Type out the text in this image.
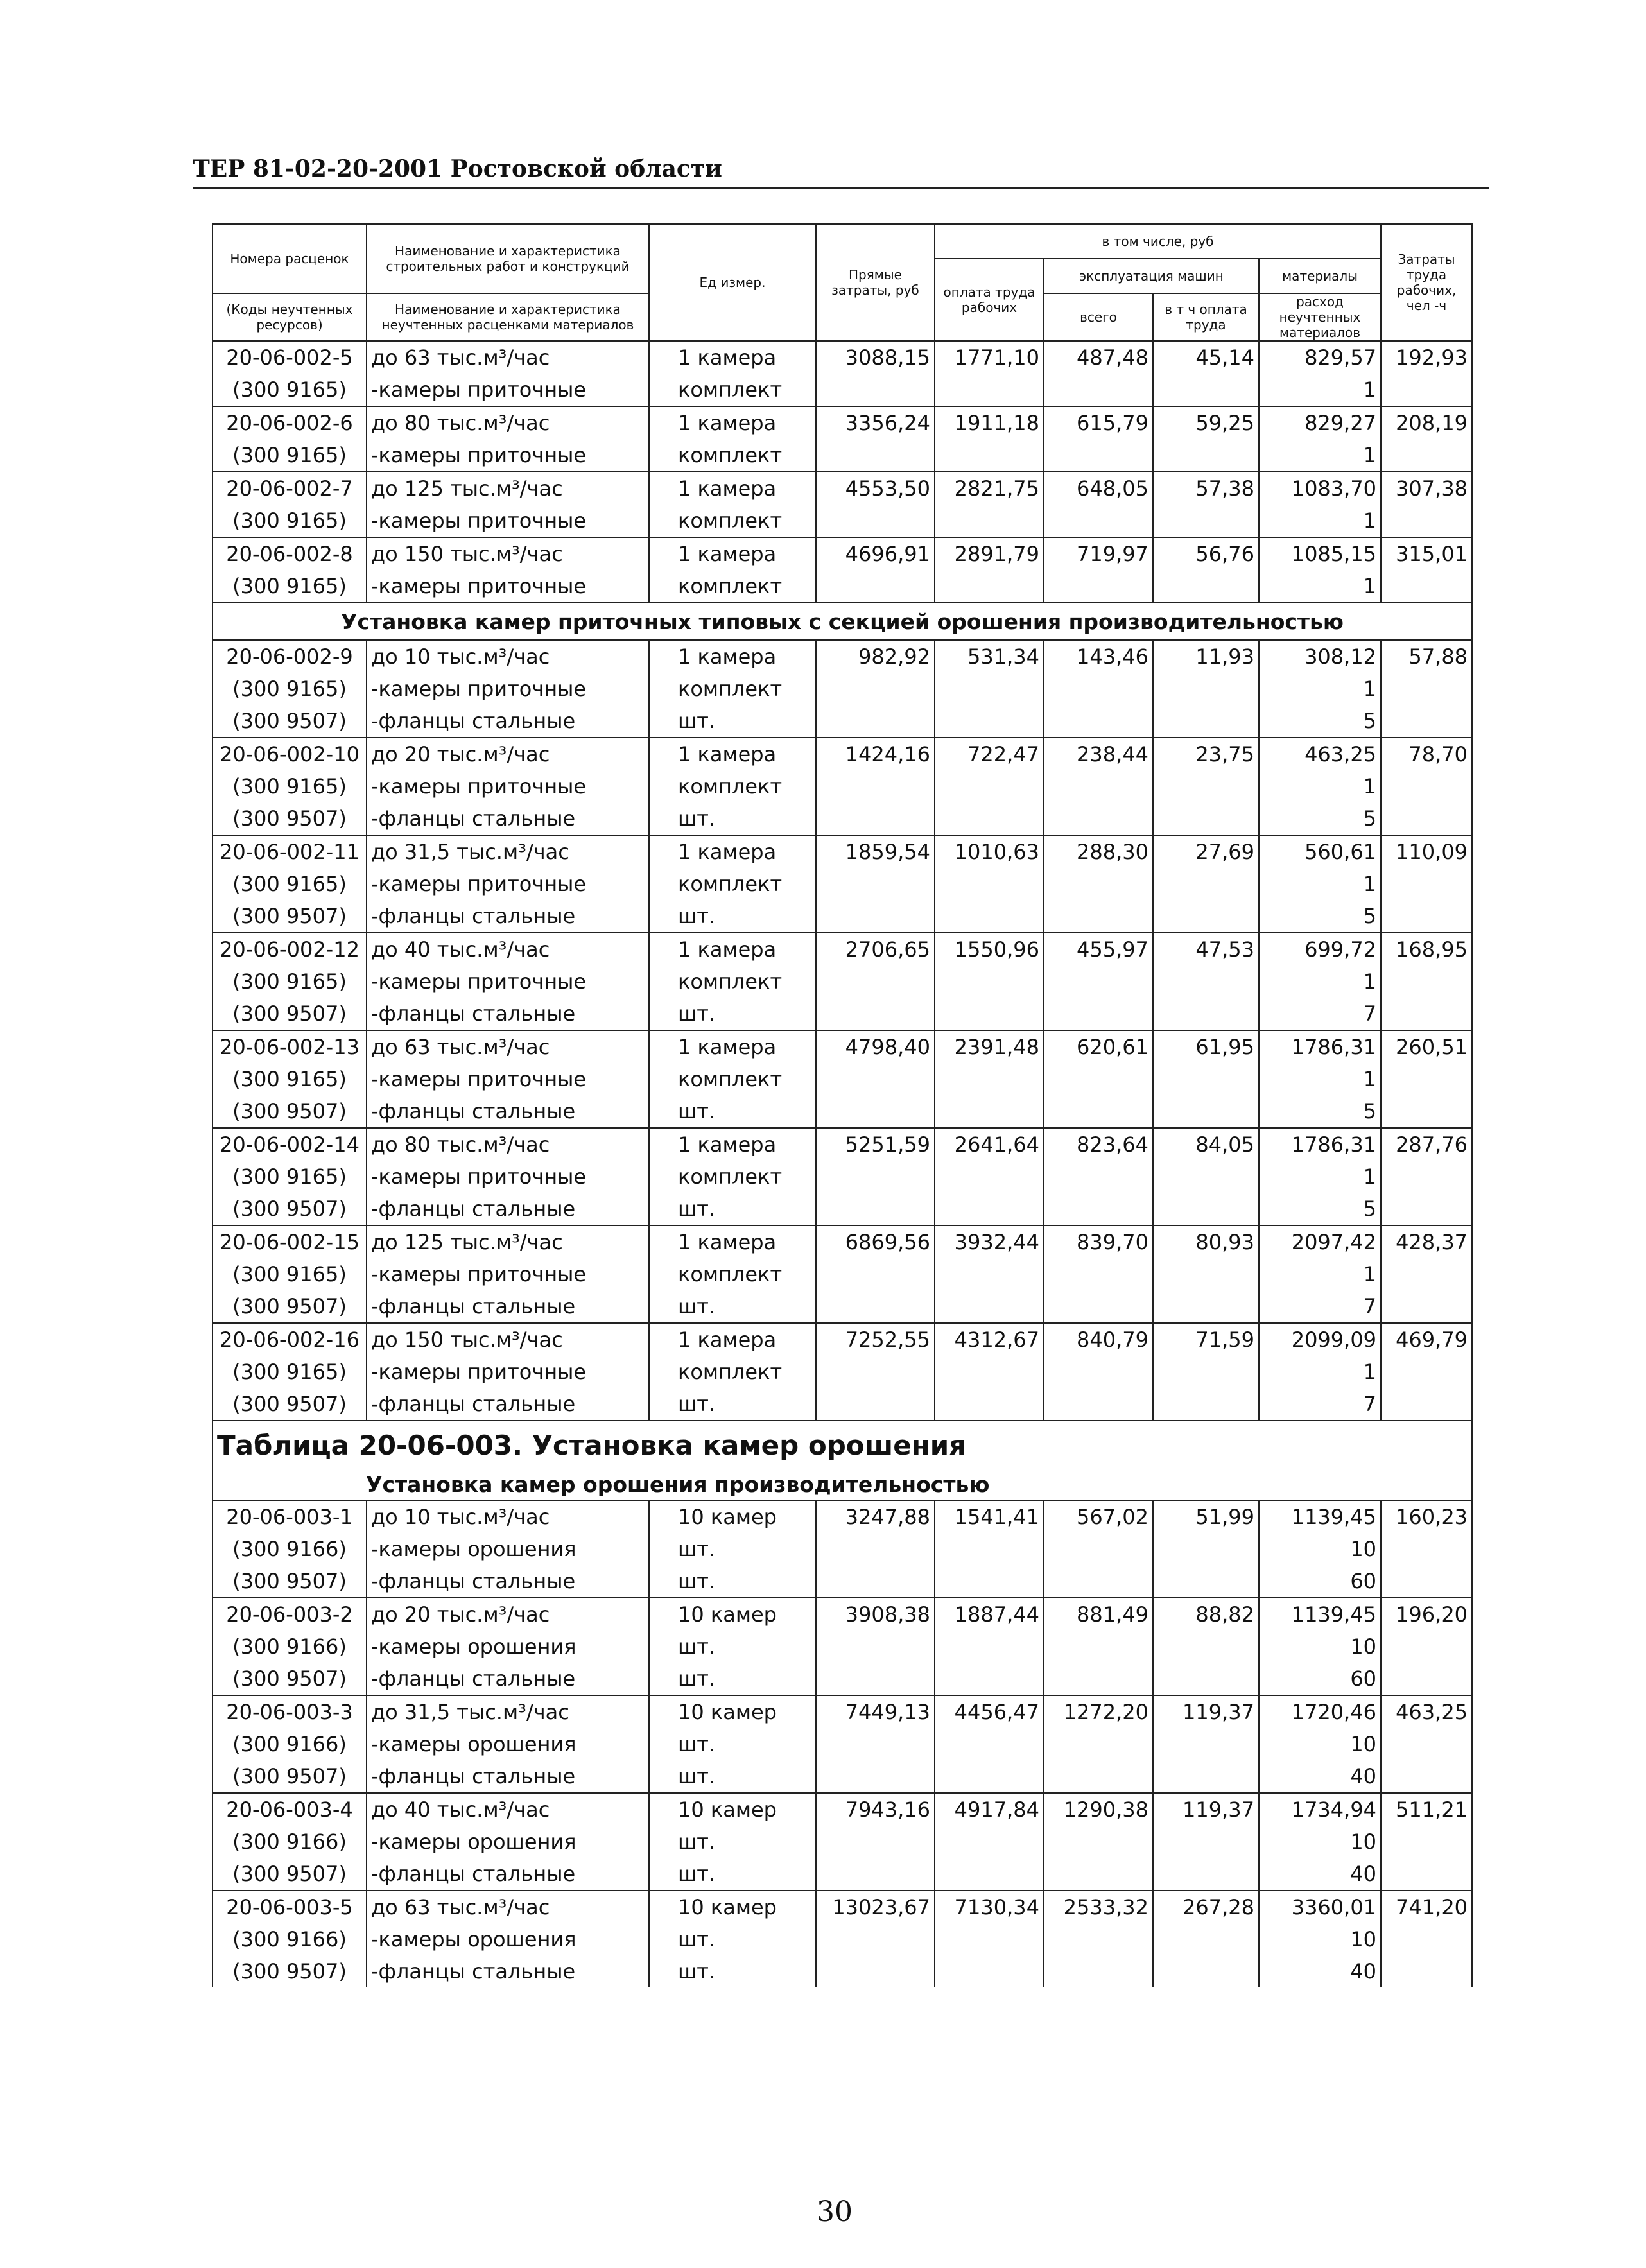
ТЕР 81-02-20-2001 Ростовской области
Номера расценок	Наименование и характеристика строительных работ и конструкций	Ед измер.	Прямые затраты, руб	в том числе, руб				Затраты труда рабочих, чел -ч
				оплата труда рабочих	эксплуатация машин		материалы	
(Коды неучтенных ресурсов)	Наименование и характеристика неучтенных расценками материалов				всего	в т ч оплата труда	расход неучтенных материалов	

20-06-002-5	до 63 тыс.м³/час	1 камера	3088,15	1771,10	487,48	45,14	829,57	192,93
(300 9165)	-камеры приточные	комплект					1	
20-06-002-6	до 80 тыс.м³/час	1 камера	3356,24	1911,18	615,79	59,25	829,27	208,19
(300 9165)	-камеры приточные	комплект					1	
20-06-002-7	до 125 тыс.м³/час	1 камера	4553,50	2821,75	648,05	57,38	1083,70	307,38
(300 9165)	-камеры приточные	комплект					1	
20-06-002-8	до 150 тыс.м³/час	1 камера	4696,91	2891,79	719,97	56,76	1085,15	315,01
(300 9165)	-камеры приточные	комплект					1	
Установка камер приточных типовых с секцией орошения производительностью								
20-06-002-9	до 10 тыс.м³/час	1 камера	982,92	531,34	143,46	11,93	308,12	57,88
(300 9165)	-камеры приточные	комплект					1	
(300 9507)	-фланцы стальные	шт.					5	
20-06-002-10	до 20 тыс.м³/час	1 камера	1424,16	722,47	238,44	23,75	463,25	78,70
(300 9165)	-камеры приточные	комплект					1	
(300 9507)	-фланцы стальные	шт.					5	
20-06-002-11	до 31,5 тыс.м³/час	1 камера	1859,54	1010,63	288,30	27,69	560,61	110,09
(300 9165)	-камеры приточные	комплект					1	
(300 9507)	-фланцы стальные	шт.					5	
20-06-002-12	до 40 тыс.м³/час	1 камера	2706,65	1550,96	455,97	47,53	699,72	168,95
(300 9165)	-камеры приточные	комплект					1	
(300 9507)	-фланцы стальные	шт.					7	
20-06-002-13	до 63 тыс.м³/час	1 камера	4798,40	2391,48	620,61	61,95	1786,31	260,51
(300 9165)	-камеры приточные	комплект					1	
(300 9507)	-фланцы стальные	шт.					5	
20-06-002-14	до 80 тыс.м³/час	1 камера	5251,59	2641,64	823,64	84,05	1786,31	287,76
(300 9165)	-камеры приточные	комплект					1	
(300 9507)	-фланцы стальные	шт.					5	
20-06-002-15	до 125 тыс.м³/час	1 камера	6869,56	3932,44	839,70	80,93	2097,42	428,37
(300 9165)	-камеры приточные	комплект					1	
(300 9507)	-фланцы стальные	шт.					7	
20-06-002-16	до 150 тыс.м³/час	1 камера	7252,55	4312,67	840,79	71,59	2099,09	469,79
(300 9165)	-камеры приточные	комплект					1	
(300 9507)	-фланцы стальные	шт.					7	
Таблица 20-06-003. Установка камер орошения								
Установка камер орошения производительностью								
20-06-003-1	до 10 тыс.м³/час	10 камер	3247,88	1541,41	567,02	51,99	1139,45	160,23
(300 9166)	-камеры орошения	шт.					10	
(300 9507)	-фланцы стальные	шт.					60	
20-06-003-2	до 20 тыс.м³/час	10 камер	3908,38	1887,44	881,49	88,82	1139,45	196,20
(300 9166)	-камеры орошения	шт.					10	
(300 9507)	-фланцы стальные	шт.					60	
20-06-003-3	до 31,5 тыс.м³/час	10 камер	7449,13	4456,47	1272,20	119,37	1720,46	463,25
(300 9166)	-камеры орошения	шт.					10	
(300 9507)	-фланцы стальные	шт.					40	
20-06-003-4	до 40 тыс.м³/час	10 камер	7943,16	4917,84	1290,38	119,37	1734,94	511,21
(300 9166)	-камеры орошения	шт.					10	
(300 9507)	-фланцы стальные	шт.					40	
20-06-003-5	до 63 тыс.м³/час	10 камер	13023,67	7130,34	2533,32	267,28	3360,01	741,20
(300 9166)	-камеры орошения	шт.					10	
(300 9507)	-фланцы стальные	шт.					40	
30
